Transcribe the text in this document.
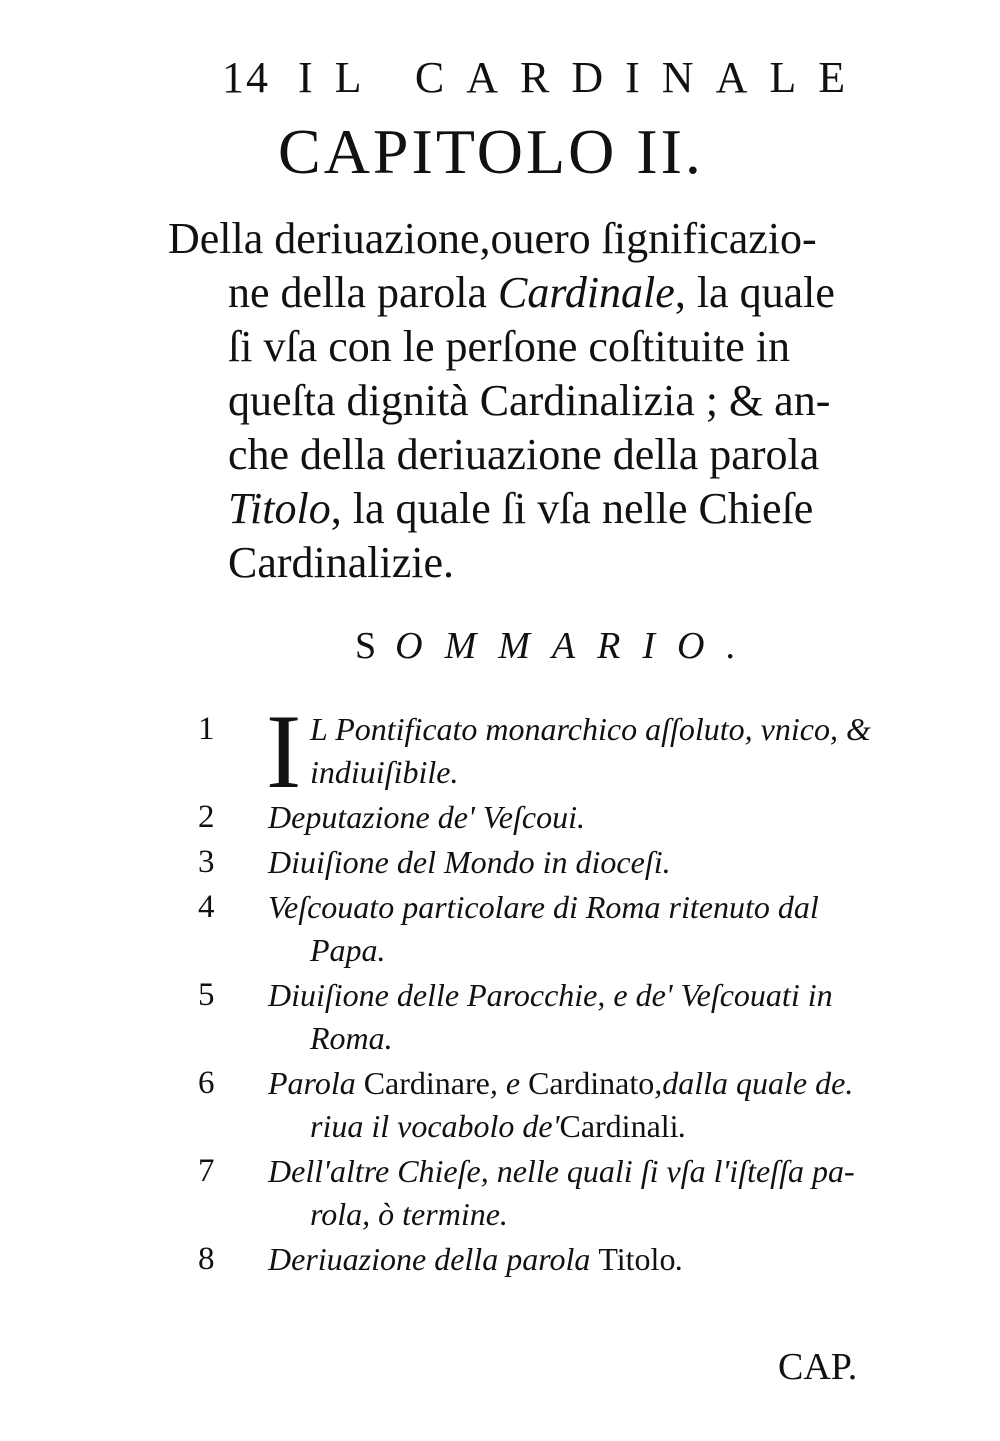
14 IL CARDINALE
CAPITOLO II.
Della deriuazione,ouero ſignificazio-
ne della parola Cardinale, la quale
ſi vſa con le perſone coſtituite in
queſta dignità Cardinalizia ; & an-
che della deriuazione della parola
Titolo, la quale ſi vſa nelle Chieſe
Cardinalizie.
SOMMARIO.
1 I L Pontificato monarchico aſſoluto, vnico, &
indiuiſibile.
2	Deputazione de' Veſcoui.
3	Diuiſione del Mondo in dioceſi.
4	Veſcouato particolare di Roma ritenuto dal
Papa.
5	Diuiſione delle Parocchie, e de' Veſcouati in
Roma.
6	Parola Cardinare, e Cardinato,dalla quale de.
riua il vocabolo de'Cardinali.
7	Dell'altre Chieſe, nelle quali ſi vſa l'iſteſſa pa-
rola, ò termine.
8	Deriuazione della parola Titolo.
CAP.
